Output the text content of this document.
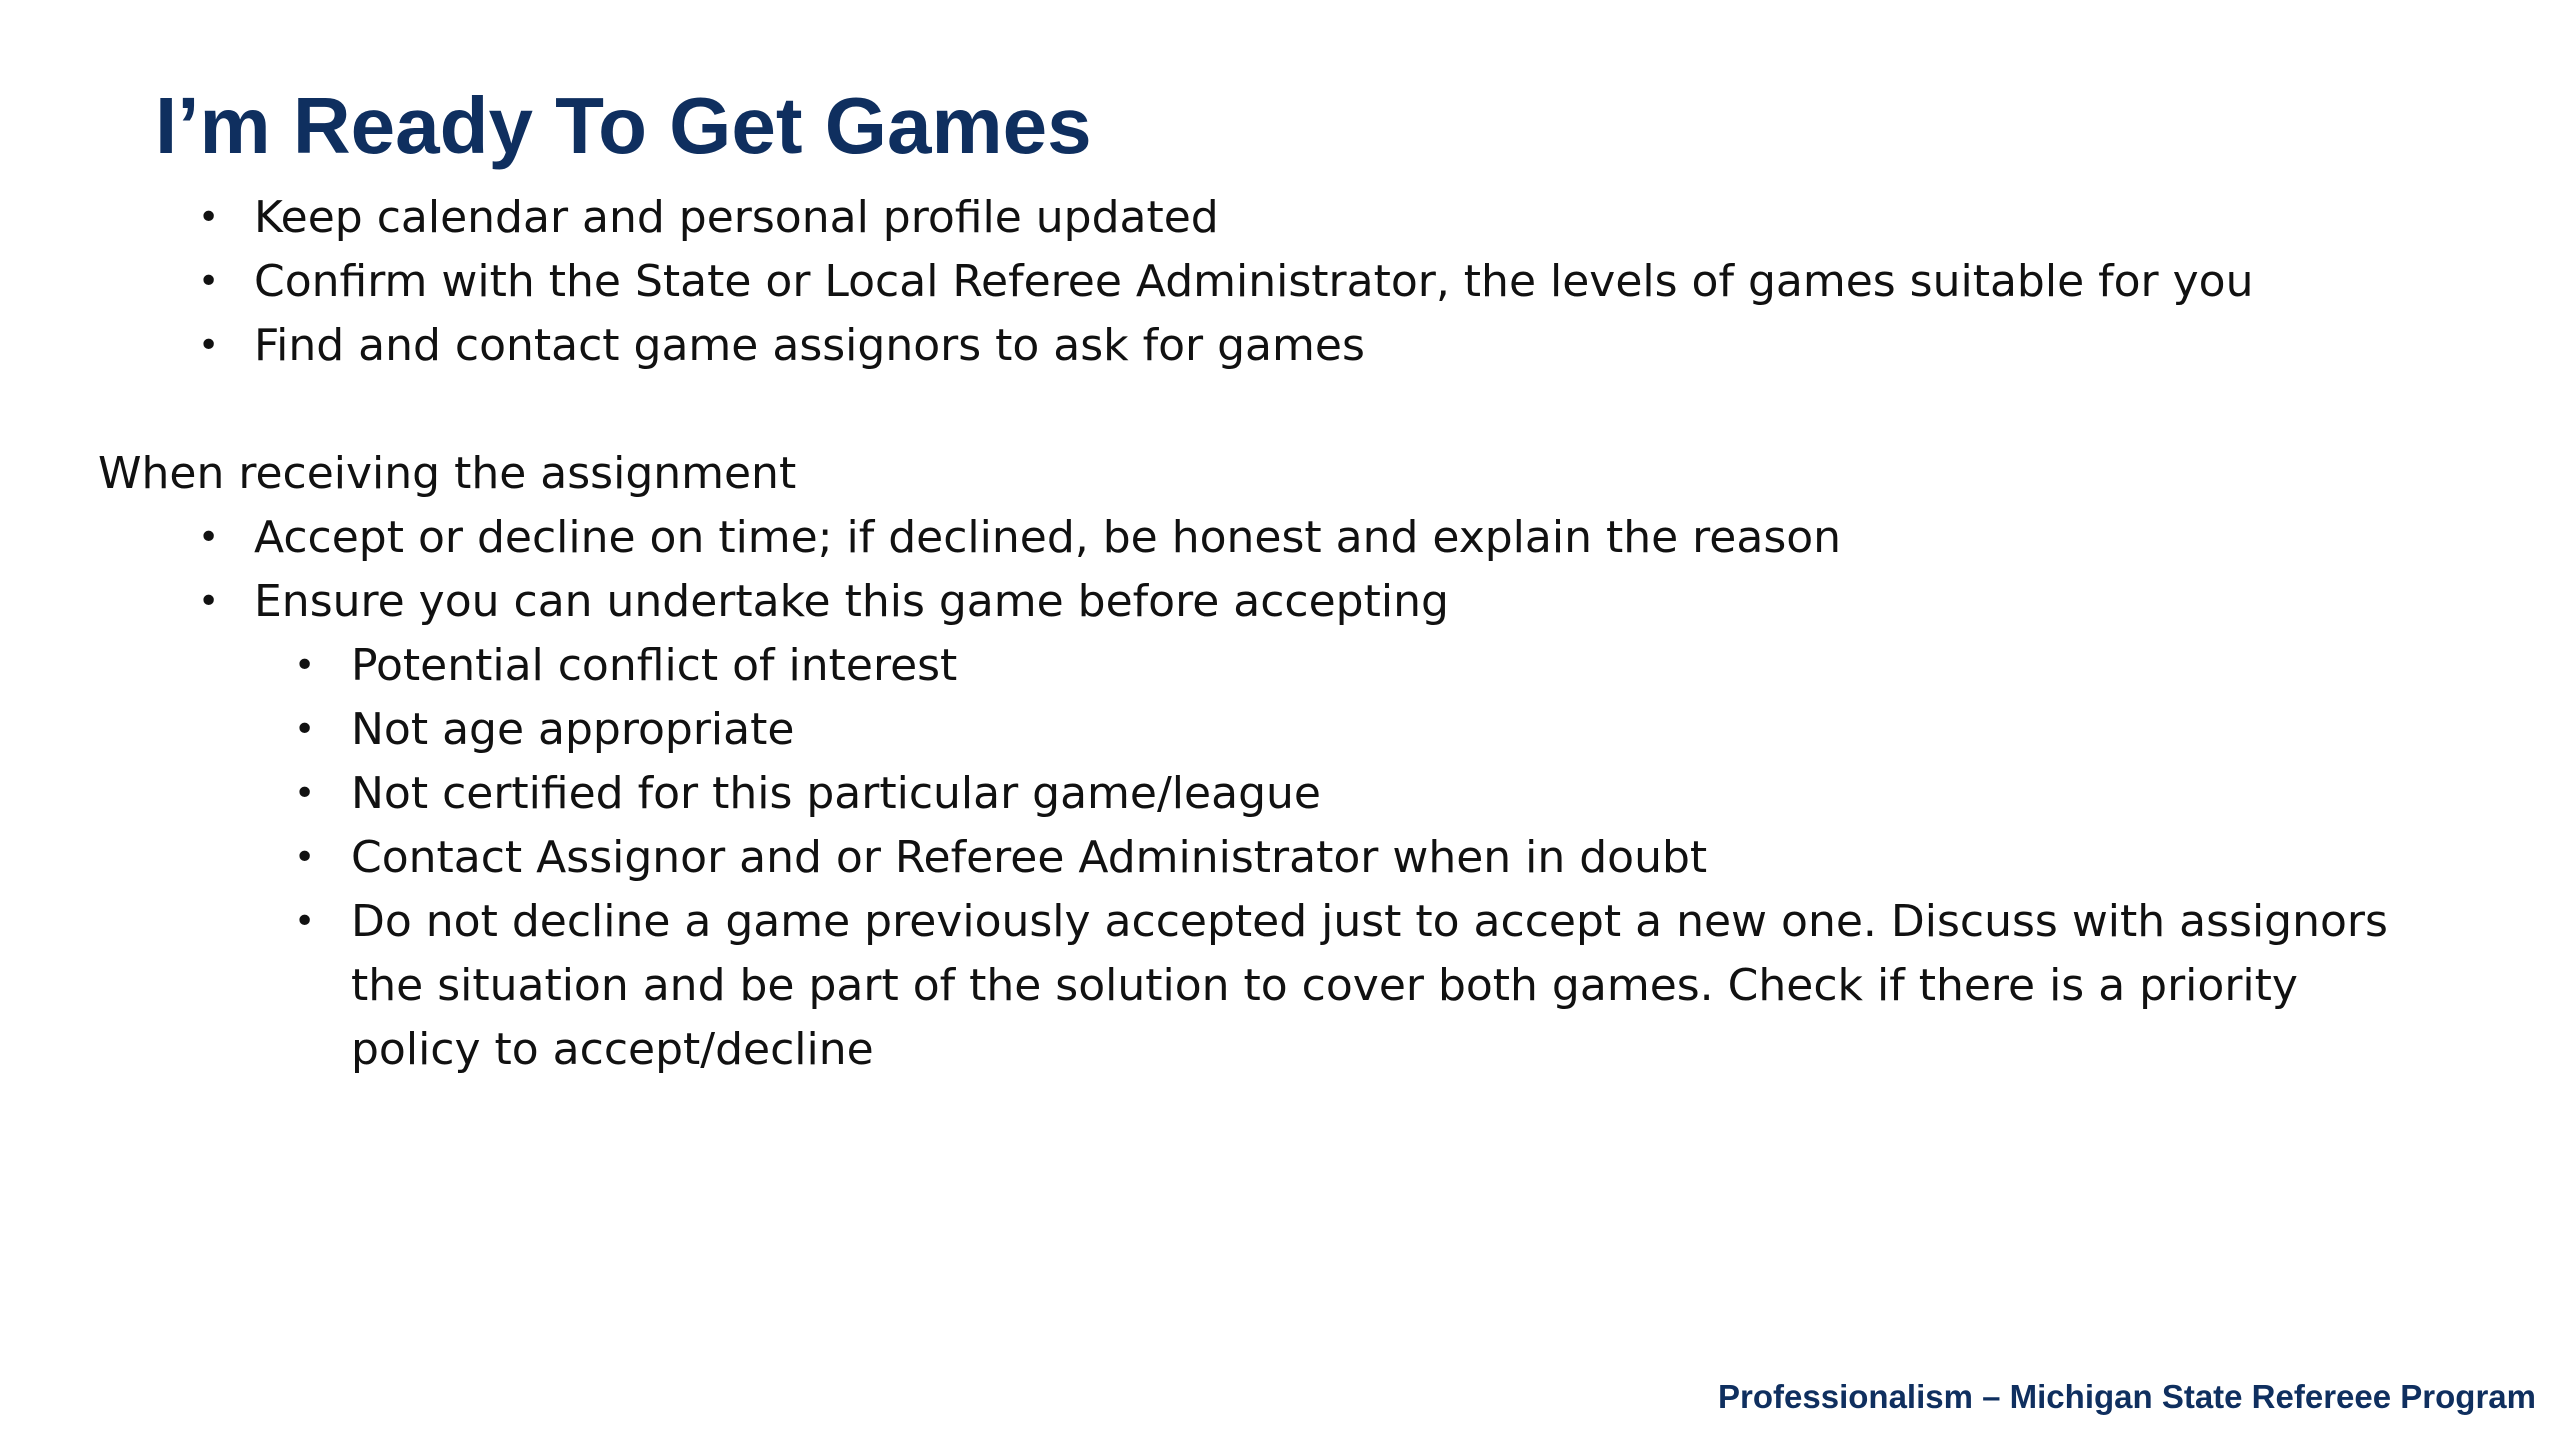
I’m Ready To Get Games
• Keep calendar and personal profile updated
• Confirm with the State or Local Referee Administrator, the levels of games suitable for you
• Find and contact game assignors to ask for games

When receiving the assignment

• Accept or decline on time; if declined, be honest and explain the reason
• Ensure you can undertake this game before accepting
• Potential conflict of interest
• Not age appropriate
• Not certified for this particular game/league
• Contact Assignor and or Referee Administrator when in doubt
• Do not decline a game previously accepted just to accept a new one. Discuss with assignors the situation and be part of the solution to cover both games. Check if there is a priority policy to accept/decline

Professionalism – Michigan State Refereee Program
